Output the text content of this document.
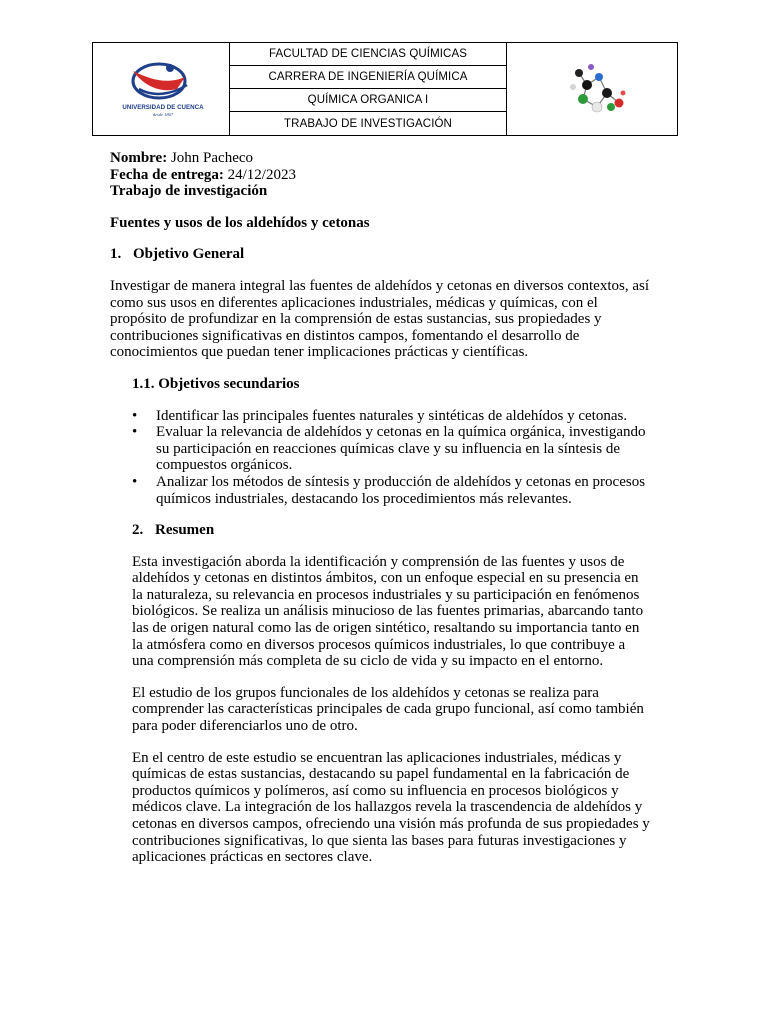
UNIVERSIDAD DE CUENCA
desde 1867
FACULTAD DE CIENCIAS QUÍMICAS
CARRERA DE INGENIERÍA QUÍMICA
QUÍMICA ORGANICA I
TRABAJO DE INVESTIGACIÓN

Nombre: John Pacheco

Fecha de entrega: 24/12/2023

Trabajo de investigación

Fuentes y usos de los aldehídos y cetonas

1. Objetivo General

Investigar de manera integral las fuentes de aldehídos y cetonas en diversos contextos, así como sus usos en diferentes aplicaciones industriales, médicas y químicas, con el propósito de profundizar en la comprensión de estas sustancias, sus propiedades y contribuciones significativas en distintos campos, fomentando el desarrollo de conocimientos que puedan tener implicaciones prácticas y científicas.

1.1. Objetivos secundarios
• Identificar las principales fuentes naturales y sintéticas de aldehídos y cetonas.
• Evaluar la relevancia de aldehídos y cetonas en la química orgánica, investigando su participación en reacciones químicas clave y su influencia en la síntesis de compuestos orgánicos.
• Analizar los métodos de síntesis y producción de aldehídos y cetonas en procesos químicos industriales, destacando los procedimientos más relevantes.
2. Resumen

Esta investigación aborda la identificación y comprensión de las fuentes y usos de aldehídos y cetonas en distintos ámbitos, con un enfoque especial en su presencia en la naturaleza, su relevancia en procesos industriales y su participación en fenómenos biológicos. Se realiza un análisis minucioso de las fuentes primarias, abarcando tanto las de origen natural como las de origen sintético, resaltando su importancia tanto en la atmósfera como en diversos procesos químicos industriales, lo que contribuye a una comprensión más completa de su ciclo de vida y su impacto en el entorno.

El estudio de los grupos funcionales de los aldehídos y cetonas se realiza para comprender las características principales de cada grupo funcional, así como también para poder diferenciarlos uno de otro.

En el centro de este estudio se encuentran las aplicaciones industriales, médicas y químicas de estas sustancias, destacando su papel fundamental en la fabricación de productos químicos y polímeros, así como su influencia en procesos biológicos y médicos clave. La integración de los hallazgos revela la trascendencia de aldehídos y cetonas en diversos campos, ofreciendo una visión más profunda de sus propiedades y contribuciones significativas, lo que sienta las bases para futuras investigaciones y aplicaciones prácticas en sectores clave.
